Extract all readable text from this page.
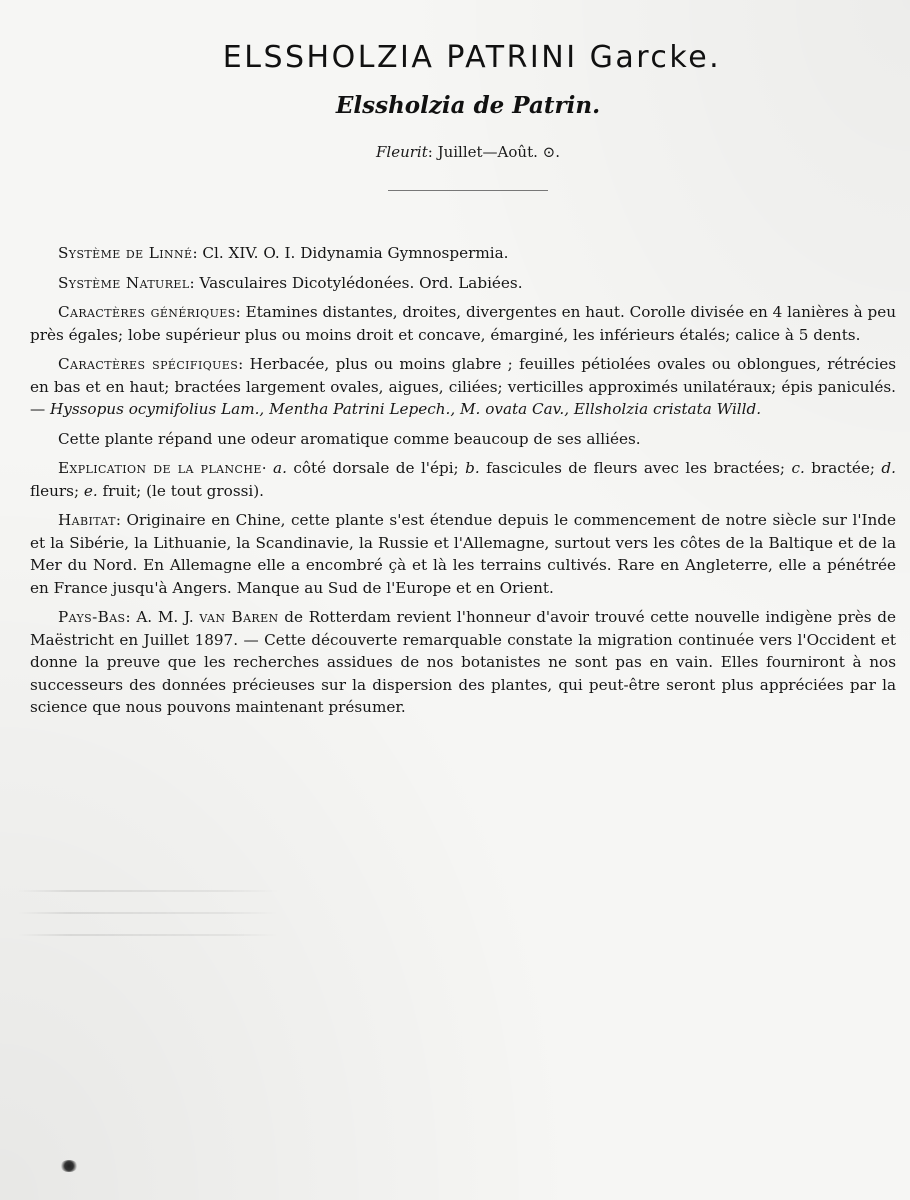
ELSSHOLZIA PATRINI Garcke.
Elssholzia de Patrin.
Fleurit: Juillet—Août. ⊙.

Système de Linné: Cl. XIV. O. I. Didynamia Gymnospermia.

Système Naturel: Vasculaires Dicotylédonées. Ord. Labiées.

Caractères génériques: Etamines distantes, droites, divergentes en haut. Corolle divisée en 4 lanières à peu près égales; lobe supérieur plus ou moins droit et concave, émarginé, les inférieurs étalés; calice à 5 dents.

Caractères spécifiques: Herbacée, plus ou moins glabre ; feuilles pétiolées ovales ou oblongues, rétrécies en bas et en haut; bractées largement ovales, aigues, ciliées; verticilles approximés unilatéraux; épis paniculés. — Hyssopus ocymifolius Lam., Mentha Patrini Lepech., M. ovata Cav., Ellsholzia cristata Willd.

Cette plante répand une odeur aromatique comme beaucoup de ses alliées.

Explication de la planche· a. côté dorsale de l'épi; b. fascicules de fleurs avec les bractées; c. bractée; d. fleurs; e. fruit; (le tout grossi).

Habitat: Originaire en Chine, cette plante s'est étendue depuis le commencement de notre siècle sur l'Inde et la Sibérie, la Lithuanie, la Scandinavie, la Russie et l'Allemagne, surtout vers les côtes de la Baltique et de la Mer du Nord. En Allemagne elle a encombré çà et là les terrains cultivés. Rare en Angleterre, elle a pénétrée en France jusqu'à Angers. Manque au Sud de l'Europe et en Orient.

Pays-Bas: A. M. J. van Baren de Rotterdam revient l'honneur d'avoir trouvé cette nouvelle indigène près de Maëstricht en Juillet 1897. — Cette découverte remarquable constate la migration continuée vers l'Occident et donne la preuve que les recherches assidues de nos botanistes ne sont pas en vain. Elles fourniront à nos successeurs des données précieuses sur la dispersion des plantes, qui peut-être seront plus appréciées par la science que nous pouvons maintenant présumer.
